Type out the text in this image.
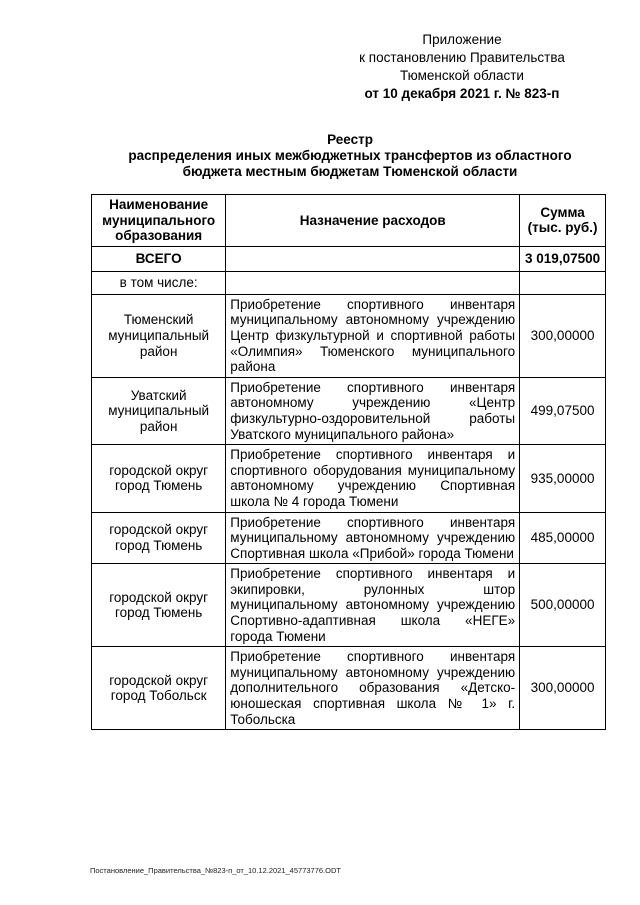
Приложение
к постановлению Правительства
Тюменской области
от 10 декабря 2021 г. № 823-п
Реестр
распределения иных межбюджетных трансфертов из областного
бюджета местным бюджетам Тюменской области
Наименование муниципального образования	Назначение расходов	Сумма (тыс. руб.)
ВСЕГО		3 019,07500
в том числе:		
Тюменский муниципальный район	Приобретение спортивного инвентаря муниципальному автономному учреждению Центр физкультурной и спортивной работы «Олимпия» Тюменского муниципального района	300,00000
Уватский муниципальный район	Приобретение спортивного инвентаря автономному учреждению «Центр физкультурно-оздоровительной работы Уватского муниципального района»	499,07500
городской округ город Тюмень	Приобретение спортивного инвентаря и спортивного оборудования муниципальному автономному учреждению Спортивная школа № 4 города Тюмени	935,00000
городской округ город Тюмень	Приобретение спортивного инвентаря муниципальному автономному учреждению Спортивная школа «Прибой» города Тюмени	485,00000
городской округ город Тюмень	Приобретение спортивного инвентаря и экипировки, рулонных штор муниципальному автономному учреждению Спортивно-адаптивная школа «НЕГЕ» города Тюмени	500,00000
городской округ город Тобольск	Приобретение спортивного инвентаря муниципальному автономному учреждению дополнительного образования «Детско-юношеская спортивная школа № 1» г. Тобольска	300,00000
Постановление_Правительства_№823-п_от_10.12.2021_45773776.ODT
